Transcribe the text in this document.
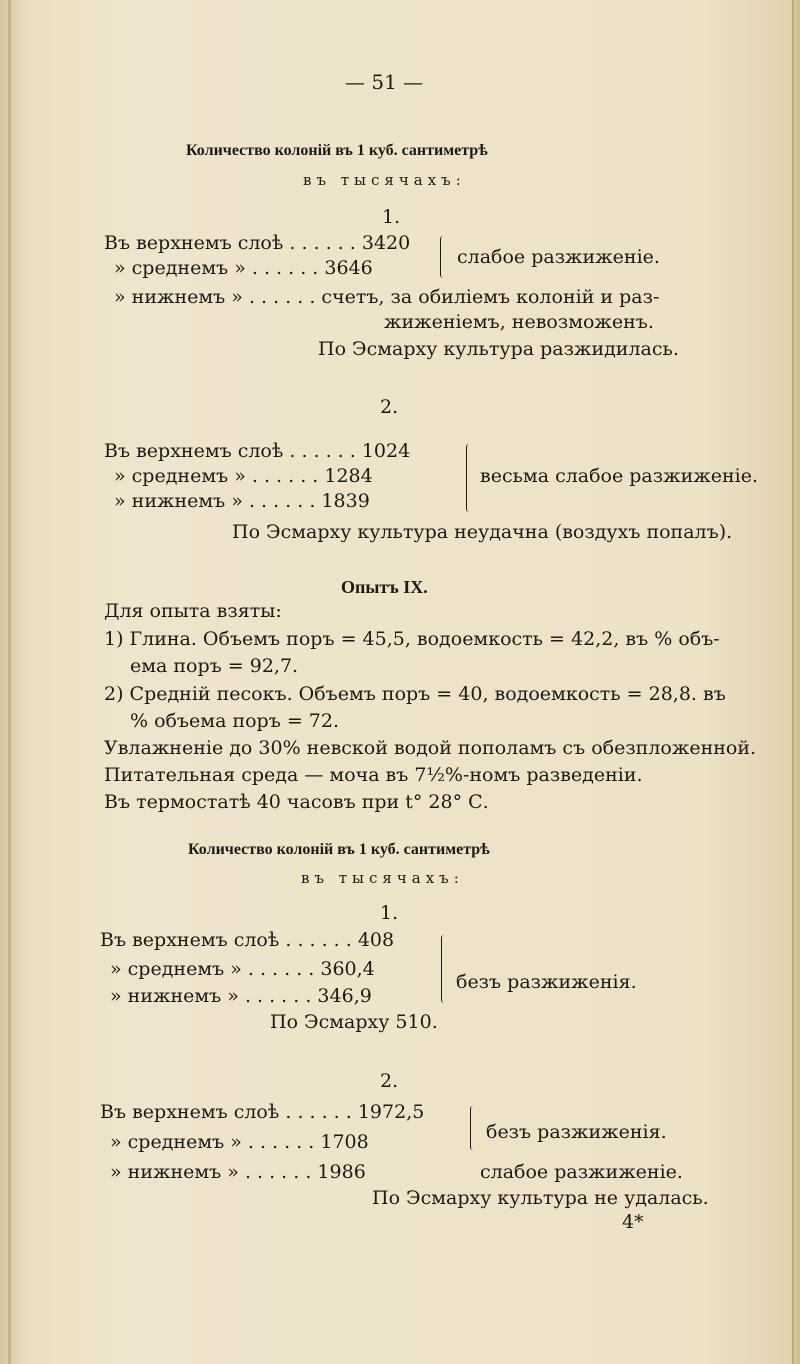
— 51 —
Количество колоній въ 1 куб. сантиметрѣ
въ тысячахъ:
1.
Въ верхнемъ слоѣ . . . . . . 3420
» среднемъ » . . . . . . 3646	слабое разжиженіе.
» нижнемъ » . . . . . . счетъ, за обиліемъ колоній и раз-
жиженіемъ, невозможенъ.
По Эсмарху культура разжидилась.
2.
Въ верхнемъ слоѣ . . . . . . 1024
» среднемъ » . . . . . . 1284
» нижнемъ » . . . . . . 1839
весьма слабое разжиженіе.
По Эсмарху культура неудачна (воздухъ попалъ).
Опытъ IX.
Для опыта взяты:
1) Глина. Объемъ поръ = 45,5, водоемкость = 42,2, въ % объ-
ема поръ = 92,7.
2) Средній песокъ. Объемъ поръ = 40, водоемкость = 28,8. въ
% объема поръ = 72.
Увлажненіе до 30% невской водой пополамъ съ обезпложенной.
Питательная среда — моча въ 7½%-номъ разведеніи.
Въ термостатѣ 40 часовъ при t° 28° С.
Количество колоній въ 1 куб. сантиметрѣ
въ тысячахъ:
1.
Въ верхнемъ слоѣ . . . . . . 408
» среднемъ » . . . . . . 360,4
» нижнемъ » . . . . . . 346,9
безъ разжиженія.
По Эсмарху 510.
2.
Въ верхнемъ слоѣ . . . . . . 1972,5
» среднемъ » . . . . . . 1708	безъ разжиженія.
» нижнемъ » . . . . . . 1986	слабое разжиженіе.
По Эсмарху культура не удалась.
4*
